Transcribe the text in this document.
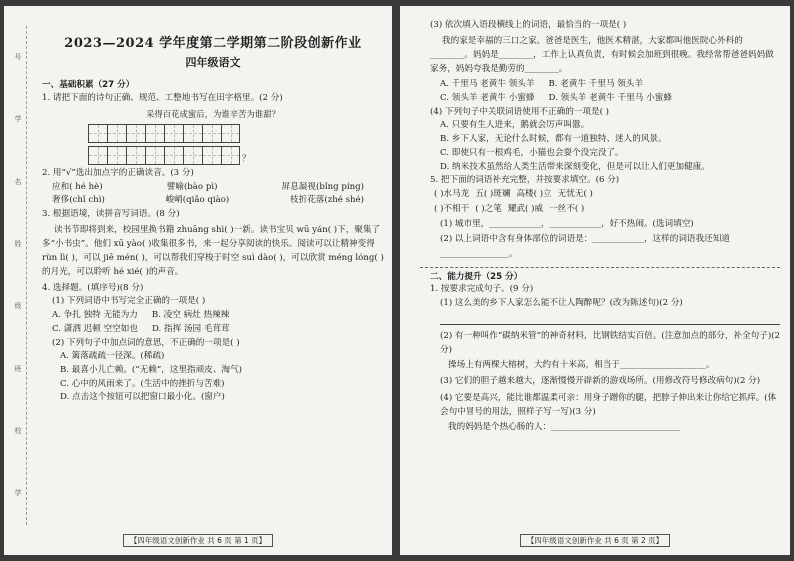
号
学
名
姓
级
班
校
学
2023—2024 学年度第二学期第二阶段创新作业
四年级语文
一、基础积累（27 分）
1. 请把下面的诗句正确、规范、工整地书写在田字格里。(2 分)
采得百花成蜜后，为谁辛苦为谁甜？
？
2. 用“√”选出加点字的正确读音。(3 分)
应和( hé hè)	譬喻(bào pì)	屏息凝视(bǐng píng)
奢侈(chǐ chì)	峻峭(qiǎo qiào)	枝折花落(zhé shé)
3. 根据语境，读拼音写词语。(8 分)
读书节即将到来，校园里换书籍 zhuāng shì( )一新。读书宝贝 wū yán( )下，聚集了多“小书虫”。他们 xū yào( )收集很多书，来一起分享阅读的快乐。阅读可以让精神变得 rùn lì( )，可以 jiē mén( )，可以帮我们穿梭于时空 suì dào( )，可以欣赏 méng lóng( )的月光，可以聆听 hé xié( )的声音。
4. 选择题。(填序号)(8 分)
(1) 下列词语中书写完全正确的一项是( )
A. 争扎 独特 无能为力 B. 凌空 病灶 热辣辣
C. 潇洒 迟顿 空空如也 D. 指挥 汤园 毛茸茸
(2) 下列句子中加点词的意思，不正确的一项是( )
A. 篱落疏疏一径深。(稀疏)
B. 最喜小儿亡赖。(“无赖”，这里指顽皮、淘气)
C. 心中的风雨来了。(生活中的挫折与苦难)
D. 点击这个按钮可以把窗口最小化。(窗户)
【四年级语文创新作业 共 6 页 第 1 页】
(3) 依次填入语段横线上的词语，最恰当的一项是( )
我的家是幸福的三口之家。爸爸是医生，他医术精湛，大家都叫他医院心外科的________。妈妈是________，工作上认真负责，有时候会加班到很晚。我经常帮爸爸妈妈做家务，妈妈夸我是勤劳的________。
A. 千里马 老黄牛 领头羊 B. 老黄牛 千里马 领头羊
C. 领头羊 老黄牛 小蜜蜂 D. 领头羊 老黄牛 千里马 小蜜蜂
(4) 下列句子中关联词语使用不正确的一项是( )
A. 只要有生人进来，鹅就会厉声叫嚣。
B. 乡下人家，无论什么时候，都有一道独特、迷人的风景。
C. 即使只有一根鸡毛，小猫也会耍个没完没了。
D. 纳米技术虽然给人类生活带来深刻变化，但是可以让人们更加健康。
5. 把下面的词语补充完整，并按要求填空。(6 分)
( )水马龙 五( )斑斓 高楼( )立 无忧无( )
( )不相干 ( )之笔 耀武( )威 一丝不( )
(1) 城市里，____________，____________，好不热闹。(选词填空)
(2) 以上词语中含有身体部位的词语是：____________，这样的词语我还知道________________。
二、能力提升（25 分）
1. 按要求完成句子。(9 分)
(1) 这么美的乡下人家怎么能不让人陶醉呢？(改为陈述句)(2 分)
(2) 有一种叫作“碳纳米管”的神奇材料，比钢铁结实百倍。(注意加点的部分，补全句子)(2 分)
操场上有两棵大榕树，大约有十米高，相当于____________________。
(3) 它们的胆子越来越大，逐渐慢慢开辟新的游戏场所。(用修改符号修改病句)(2 分)
(4) 它要是高兴，能比谁都温柔可亲：用身子蹭你的腿，把脖子伸出来让你给它抓痒。(体会句中冒号的用法，照样子写一写)(3 分)
我的妈妈是个热心肠的人：______________________________
【四年级语文创新作业 共 6 页 第 2 页】
